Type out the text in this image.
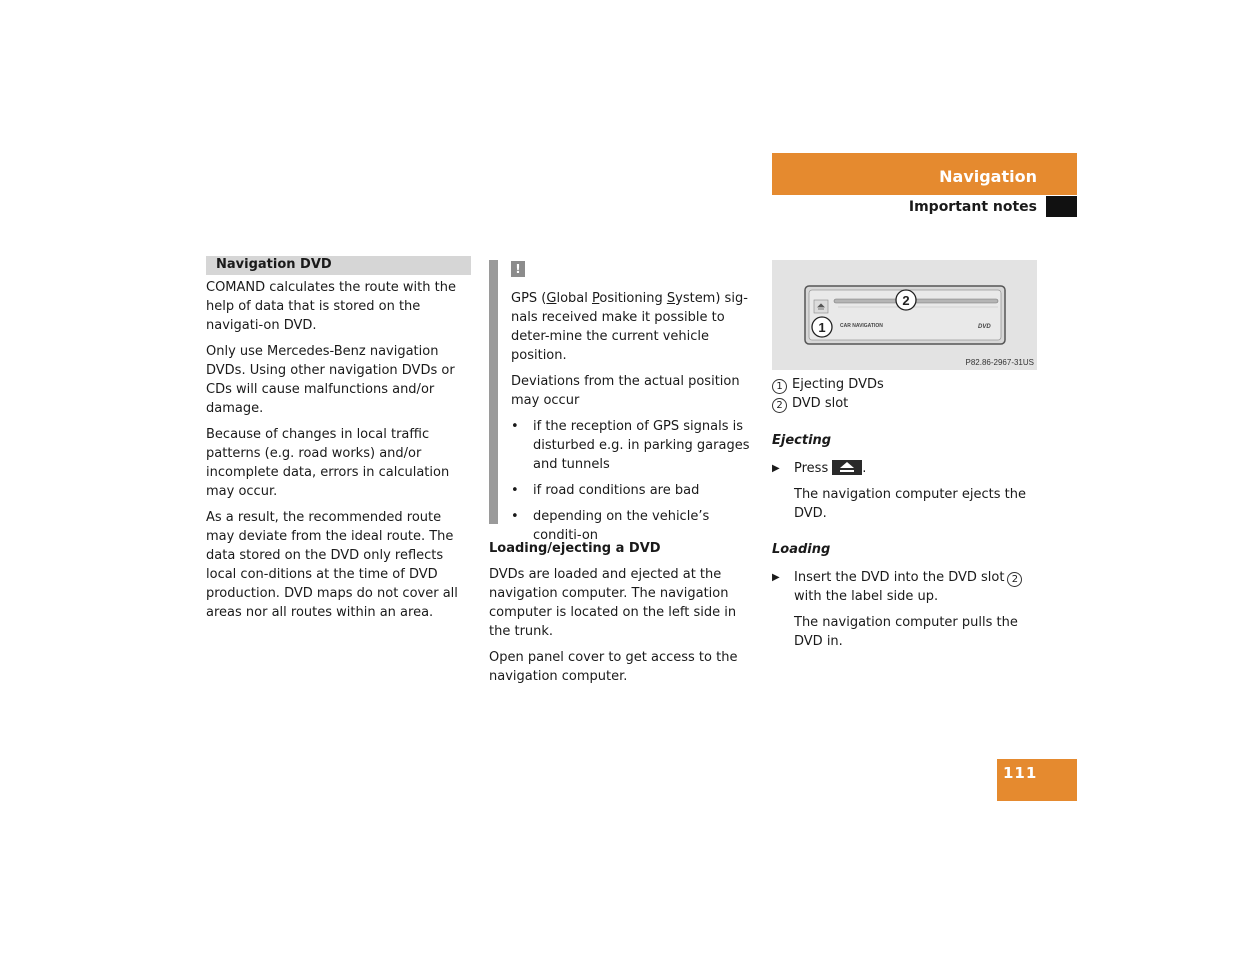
Navigation
Important notes
Navigation DVD

COMAND calculates the route with the help of data that is stored on the navigati-on DVD.

Only use Mercedes-Benz navigation DVDs. Using other navigation DVDs or CDs will cause malfunctions and/or damage.

Because of changes in local traffic patterns (e.g. road works) and/or incomplete data, errors in calculation may occur.

As a result, the recommended route may deviate from the ideal route. The data stored on the DVD only reflects local con-ditions at the time of DVD production. DVD maps do not cover all areas nor all routes within an area.

!

GPS (Global Positioning System) sig-nals received make it possible to deter-mine the current vehicle position.

Deviations from the actual position may occur

• if the reception of GPS signals is disturbed e.g. in parking garages and tunnels
• if road conditions are bad
• depending on the vehicle’s conditi-on
Loading/ejecting a DVD

DVDs are loaded and ejected at the navigation computer. The navigation computer is located on the left side in the trunk.

Open panel cover to get access to the navigation computer.

CAR NAVIGATION	DVD
2
1
P82.86-2967-31US
1 Ejecting DVDs
2 DVD slot
Ejecting
▶ Press	.

The navigation computer ejects the DVD.

Loading
▶ Insert the DVD into the DVD slot 2 with the label side up.

The navigation computer pulls the DVD in.

111
